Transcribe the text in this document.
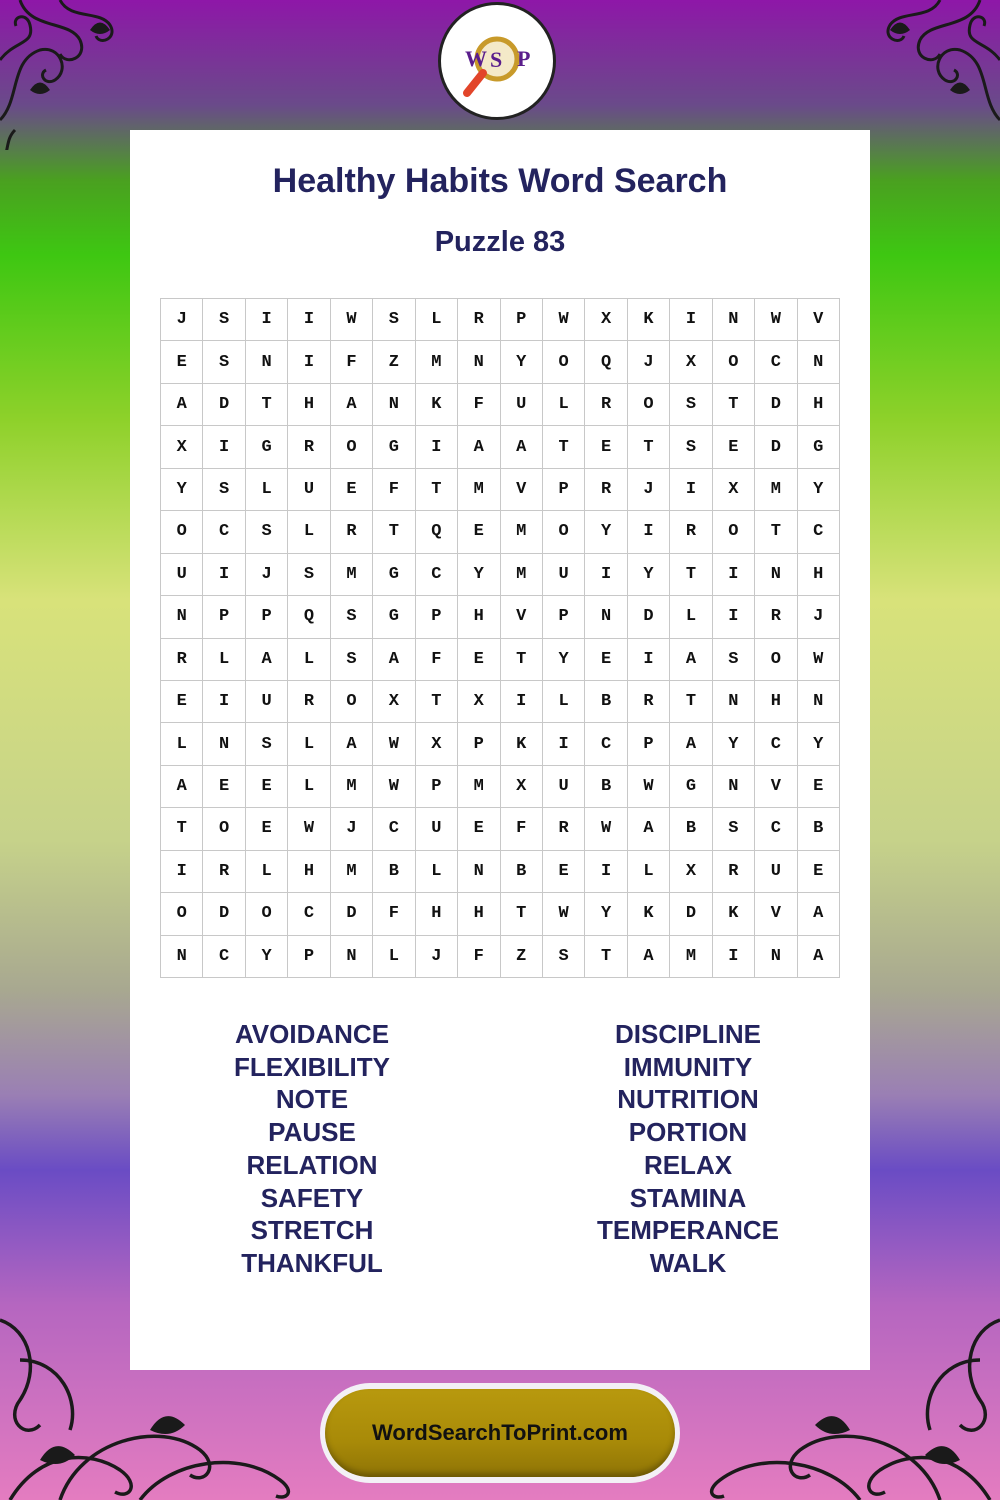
W S P
Healthy Habits Word Search
Puzzle 83
J	S	I	I	W	S	L	R	P	W	X	K	I	N	W	V
E	S	N	I	F	Z	M	N	Y	O	Q	J	X	O	C	N
A	D	T	H	A	N	K	F	U	L	R	O	S	T	D	H
X	I	G	R	O	G	I	A	A	T	E	T	S	E	D	G
Y	S	L	U	E	F	T	M	V	P	R	J	I	X	M	Y
O	C	S	L	R	T	Q	E	M	O	Y	I	R	O	T	C
U	I	J	S	M	G	C	Y	M	U	I	Y	T	I	N	H
N	P	P	Q	S	G	P	H	V	P	N	D	L	I	R	J
R	L	A	L	S	A	F	E	T	Y	E	I	A	S	O	W
E	I	U	R	O	X	T	X	I	L	B	R	T	N	H	N
L	N	S	L	A	W	X	P	K	I	C	P	A	Y	C	Y
A	E	E	L	M	W	P	M	X	U	B	W	G	N	V	E
T	O	E	W	J	C	U	E	F	R	W	A	B	S	C	B
I	R	L	H	M	B	L	N	B	E	I	L	X	R	U	E
O	D	O	C	D	F	H	H	T	W	Y	K	D	K	V	A
N	C	Y	P	N	L	J	F	Z	S	T	A	M	I	N	A
AVOIDANCE
FLEXIBILITY
NOTE
PAUSE
RELATION
SAFETY
STRETCH
THANKFUL
DISCIPLINE
IMMUNITY
NUTRITION
PORTION
RELAX
STAMINA
TEMPERANCE
WALK
WordSearchToPrint.com
